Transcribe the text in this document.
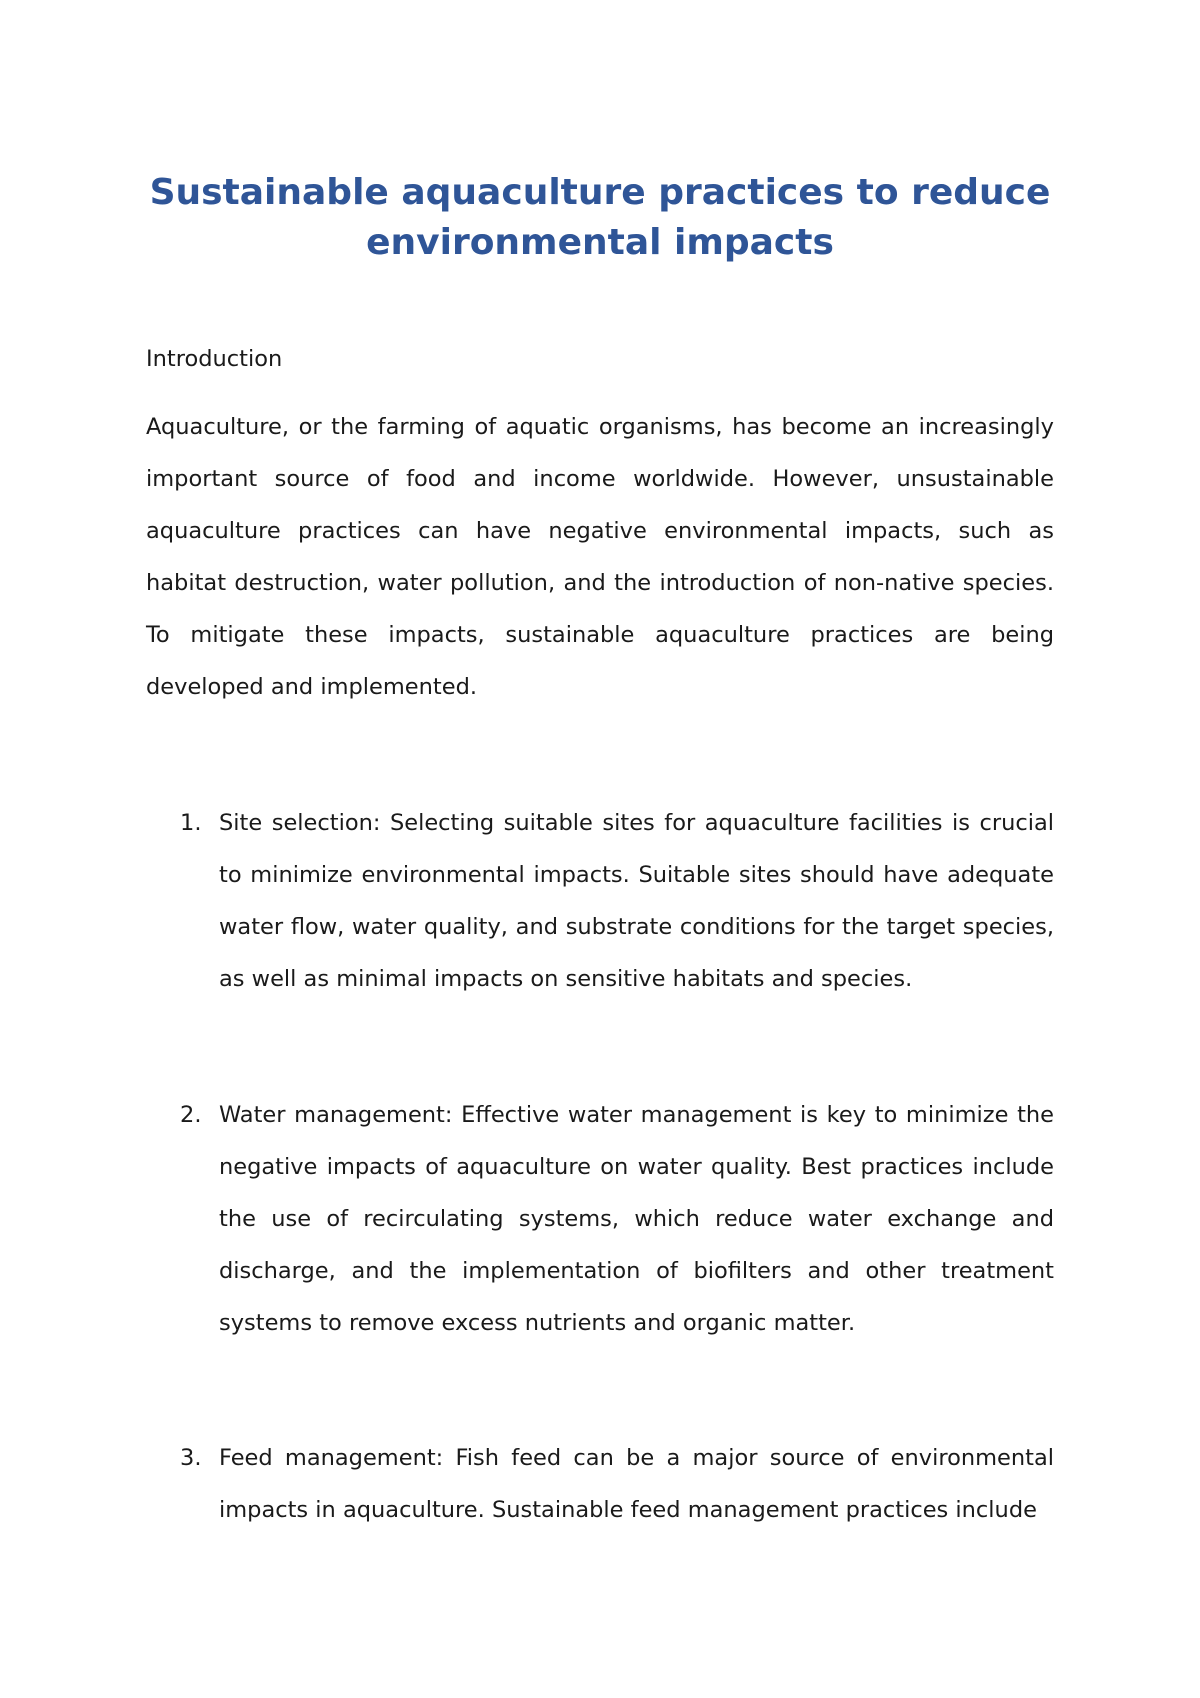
Sustainable aquaculture practices to reduce environmental impacts

Introduction

Aquaculture, or the farming of aquatic organisms, has become an increasingly important source of food and income worldwide. However, unsustainable aquaculture practices can have negative environmental impacts, such as habitat destruction, water pollution, and the introduction of non-native species. To mitigate these impacts, sustainable aquaculture practices are being developed and implemented.

1. Site selection: Selecting suitable sites for aquaculture facilities is crucial to minimize environmental impacts. Suitable sites should have adequate water flow, water quality, and substrate conditions for the target species, as well as minimal impacts on sensitive habitats and species.

2. Water management: Effective water management is key to minimize the negative impacts of aquaculture on water quality. Best practices include the use of recirculating systems, which reduce water exchange and discharge, and the implementation of biofilters and other treatment systems to remove excess nutrients and organic matter.

3. Feed management: Fish feed can be a major source of environmental impacts in aquaculture. Sustainable feed management practices include
